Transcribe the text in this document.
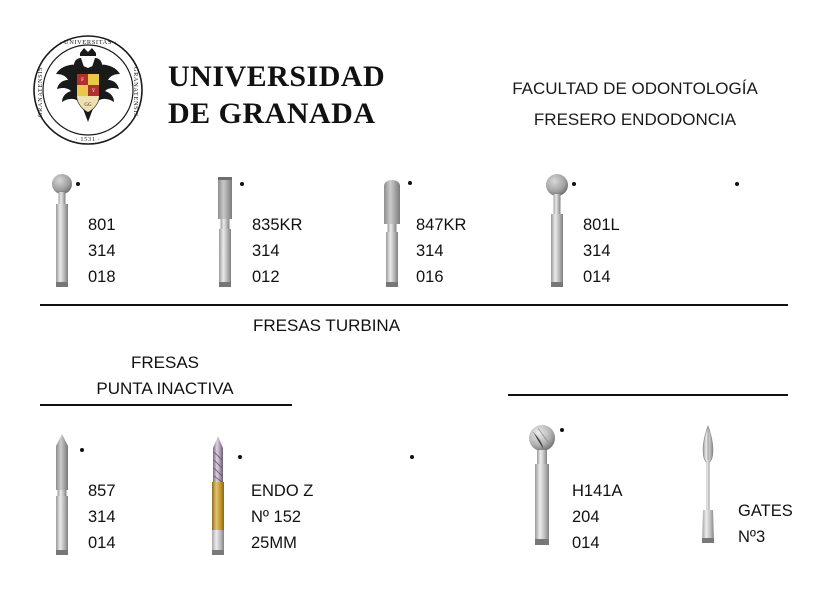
· UNIVERSITAS ·
· 1531 ·
GRANATENSIS	GRANATENSIS
F
Y
GG
UNIVERSIDAD
DE GRANADA
FACULTAD DE ODONTOLOGÍA
FRESERO ENDODONCIA
801
314
018
835KR
314
012
847KR
314
016
801L
314
014
FRESAS TURBINA
FRESAS
PUNTA INACTIVA
857
314
014
ENDO Z
Nº 152
25MM
H141A
204
014
GATES
Nº3
